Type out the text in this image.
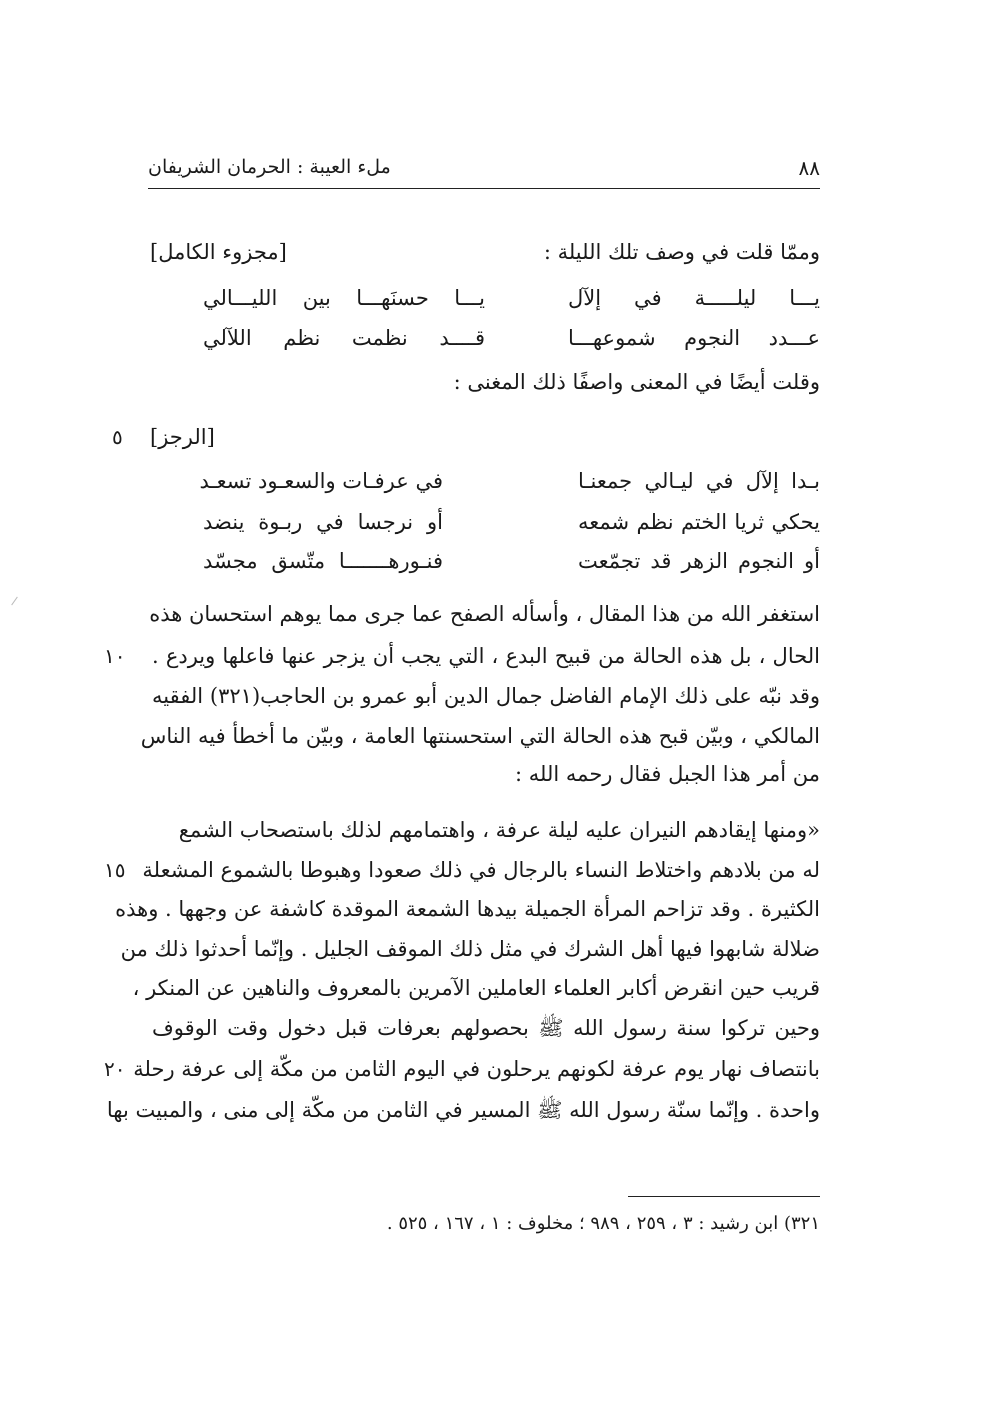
٨٨
ملء العيبة : الحرمان الشريفان
وممّا قلت في وصف تلك الليلة :
[مجزوء الكامل]
يـــا ليلـــــة في إلآل
يـــا حسنَهـــا بين الليـــالي
عـــدد النجوم شموعهـــا
قــــد نظمت نظم اللآلي
وقلت أيضًا في المعنى واصفًا ذلك المغنى :
[الرجز]
٥
بـدا إلآل في ليـالي جمعنـا
في عرفـات والسعـود تسعـد
يحكي ثريا الختم نظم شمعه
أو نرجسا في ربـوة ينضد
أو النجوم الزهر قد تجمّعت
فنـورهـــــــا متّسق مجسّد
استغفر الله من هذا المقال ، وأسأله الصفح عما جرى مما يوهم استحسان هذه
الحال ، بل هذه الحالة من قبيح البدع ، التي يجب أن يزجر عنها فاعلها ويردع .
١٠
وقد نبّه على ذلك الإمام الفاضل جمال الدين أبو عمرو بن الحاجب(٣٢١) الفقيه
المالكي ، وبيّن قبح هذه الحالة التي استحسنتها العامة ، وبيّن ما أخطأ فيه الناس
من أمر هذا الجبل فقال رحمه الله :
«ومنها إيقادهم النيران عليه ليلة عرفة ، واهتمامهم لذلك باستصحاب الشمع
له من بلادهم واختلاط النساء بالرجال في ذلك صعودا وهبوطا بالشموع المشعلة
١٥
الكثيرة . وقد تزاحم المرأة الجميلة بيدها الشمعة الموقدة كاشفة عن وجهها . وهذه
ضلالة شابهوا فيها أهل الشرك في مثل ذلك الموقف الجليل . وإنّما أحدثوا ذلك من
قريب حين انقرض أكابر العلماء العاملين الآمرين بالمعروف والناهين عن المنكر ،
وحين تركوا سنة رسول الله ﷺ بحصولهم بعرفات قبل دخول وقت الوقوف
بانتصاف نهار يوم عرفة لكونهم يرحلون في اليوم الثامن من مكّة إلى عرفة رحلة
٢٠
واحدة . وإنّما سنّة رسول الله ﷺ المسير في الثامن من مكّة إلى منى ، والمبيت بها
٣٢١) ابن رشيد : ٣ ، ٢٥٩ ، ٩٨٩ ؛ مخلوف : ١ ، ١٦٧ ، ٥٢٥ .
